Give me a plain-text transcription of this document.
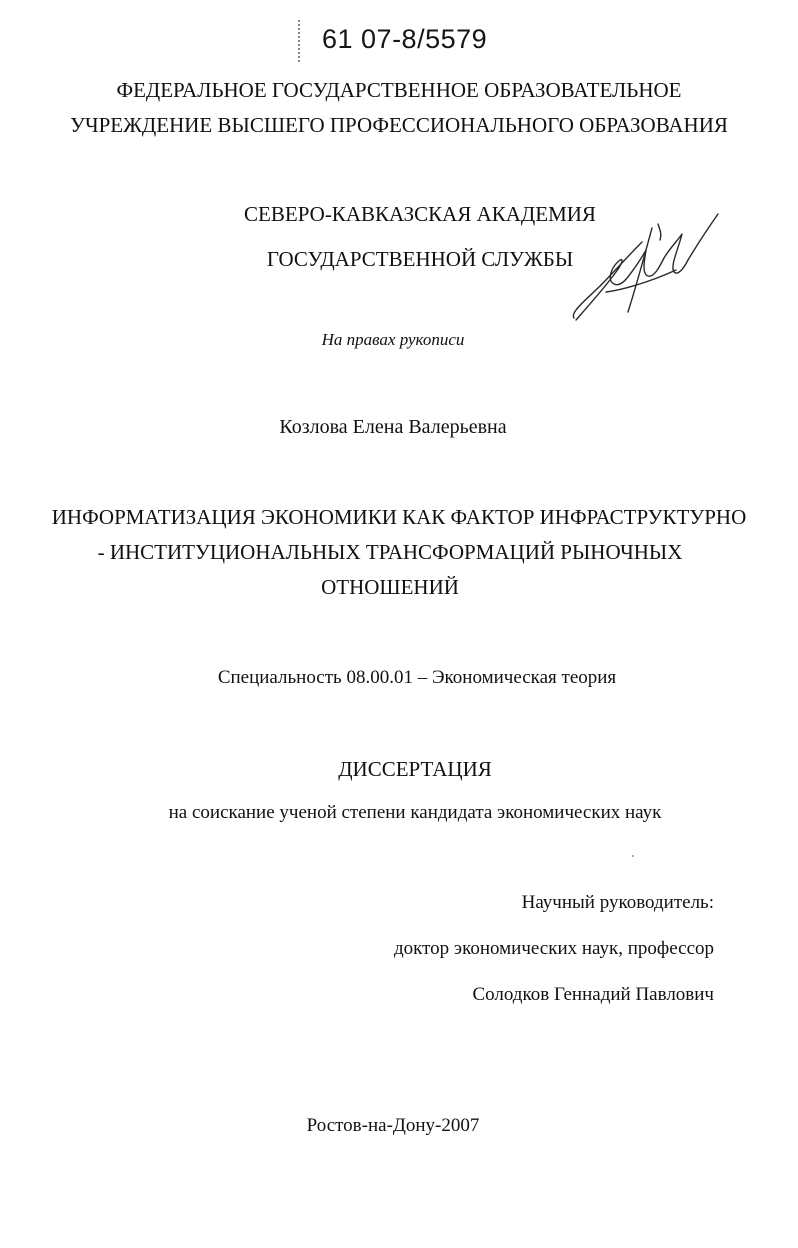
61 07-8/5579
ФЕДЕРАЛЬНОЕ ГОСУДАРСТВЕННОЕ ОБРАЗОВАТЕЛЬНОЕ
УЧРЕЖДЕНИЕ ВЫСШЕГО ПРОФЕССИОНАЛЬНОГО ОБРАЗОВАНИЯ
СЕВЕРО-КАВКАЗСКАЯ АКАДЕМИЯ
ГОСУДАРСТВЕННОЙ СЛУЖБЫ
На правах рукописи
Козлова Елена Валерьевна
ИНФОРМАТИЗАЦИЯ ЭКОНОМИКИ КАК ФАКТОР ИНФРАСТРУКТУРНО
- ИНСТИТУЦИОНАЛЬНЫХ ТРАНСФОРМАЦИЙ РЫНОЧНЫХ
ОТНОШЕНИЙ
Специальность 08.00.01 – Экономическая теория
ДИССЕРТАЦИЯ
на соискание ученой степени кандидата экономических наук
Научный руководитель:
доктор экономических наук, профессор
Солодков Геннадий Павлович
Ростов-на-Дону-2007
